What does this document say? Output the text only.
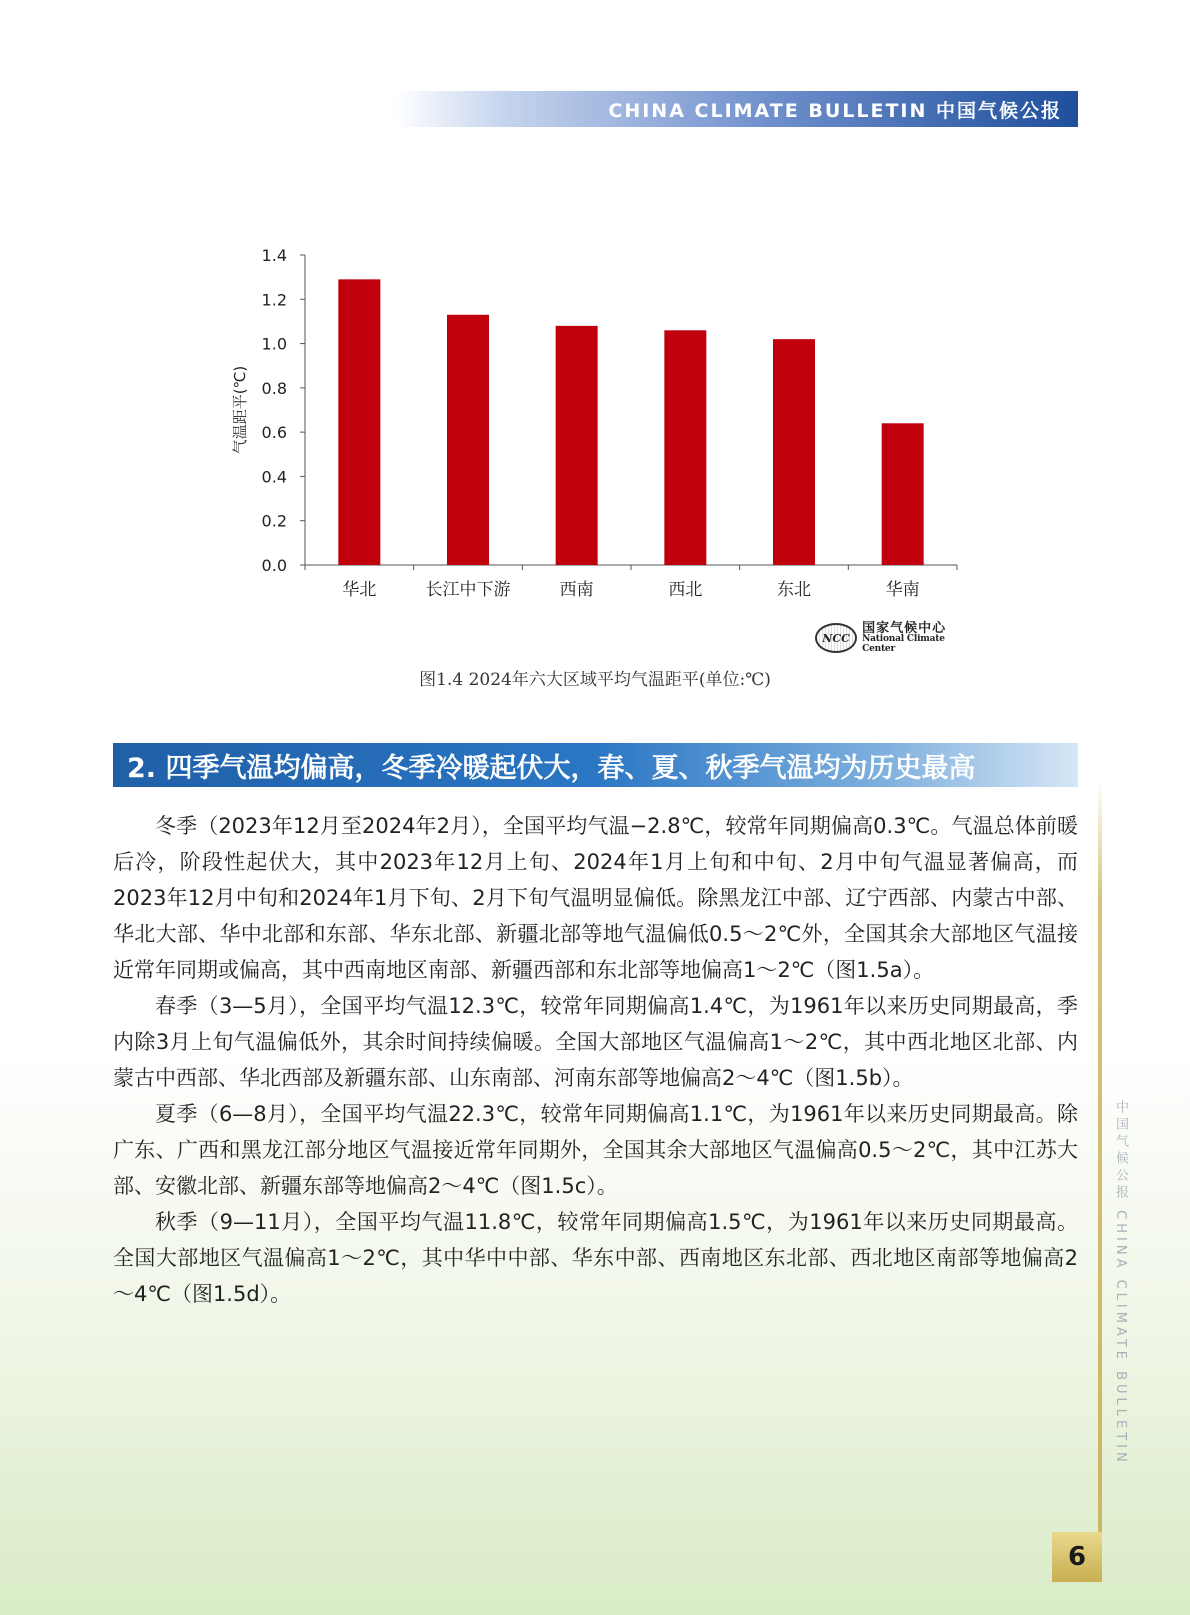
CHINA CLIMATE BULLETIN 中国气候公报
0.0
0.2
0.4
0.6
0.8
1.0
1.2
1.4
华北	长江中下游	西南	西北	东北	华南
气温距平(℃)
NCC
国家气候中心
National Climate Center
图1.4 2024年六大区域平均气温距平(单位:℃)
2. 四季气温均偏高，冬季冷暖起伏大，春、夏、秋季气温均为历史最高

冬季（2023年12月至2024年2月），全国平均气温−2.8℃，较常年同期偏高0.3℃。气温总体前暖后冷，阶段性起伏大，其中2023年12月上旬、2024年1月上旬和中旬、2月中旬气温显著偏高，而2023年12月中旬和2024年1月下旬、2月下旬气温明显偏低。除黑龙江中部、辽宁西部、内蒙古中部、华北大部、华中北部和东部、华东北部、新疆北部等地气温偏低0.5～2℃外，全国其余大部地区气温接近常年同期或偏高，其中西南地区南部、新疆西部和东北部等地偏高1～2℃（图1.5a）。

春季（3—5月），全国平均气温12.3℃，较常年同期偏高1.4℃，为1961年以来历史同期最高，季内除3月上旬气温偏低外，其余时间持续偏暖。全国大部地区气温偏高1～2℃，其中西北地区北部、内蒙古中西部、华北西部及新疆东部、山东南部、河南东部等地偏高2～4℃（图1.5b）。

夏季（6—8月），全国平均气温22.3℃，较常年同期偏高1.1℃，为1961年以来历史同期最高。除广东、广西和黑龙江部分地区气温接近常年同期外，全国其余大部地区气温偏高0.5～2℃，其中江苏大部、安徽北部、新疆东部等地偏高2～4℃（图1.5c）。

秋季（9—11月），全国平均气温11.8℃，较常年同期偏高1.5℃，为1961年以来历史同期最高。全国大部地区气温偏高1～2℃，其中华中中部、华东中部、西南地区东北部、西北地区南部等地偏高2～4℃（图1.5d）。	中国气候公报 CHINA CLIMATE BULLETIN
6
